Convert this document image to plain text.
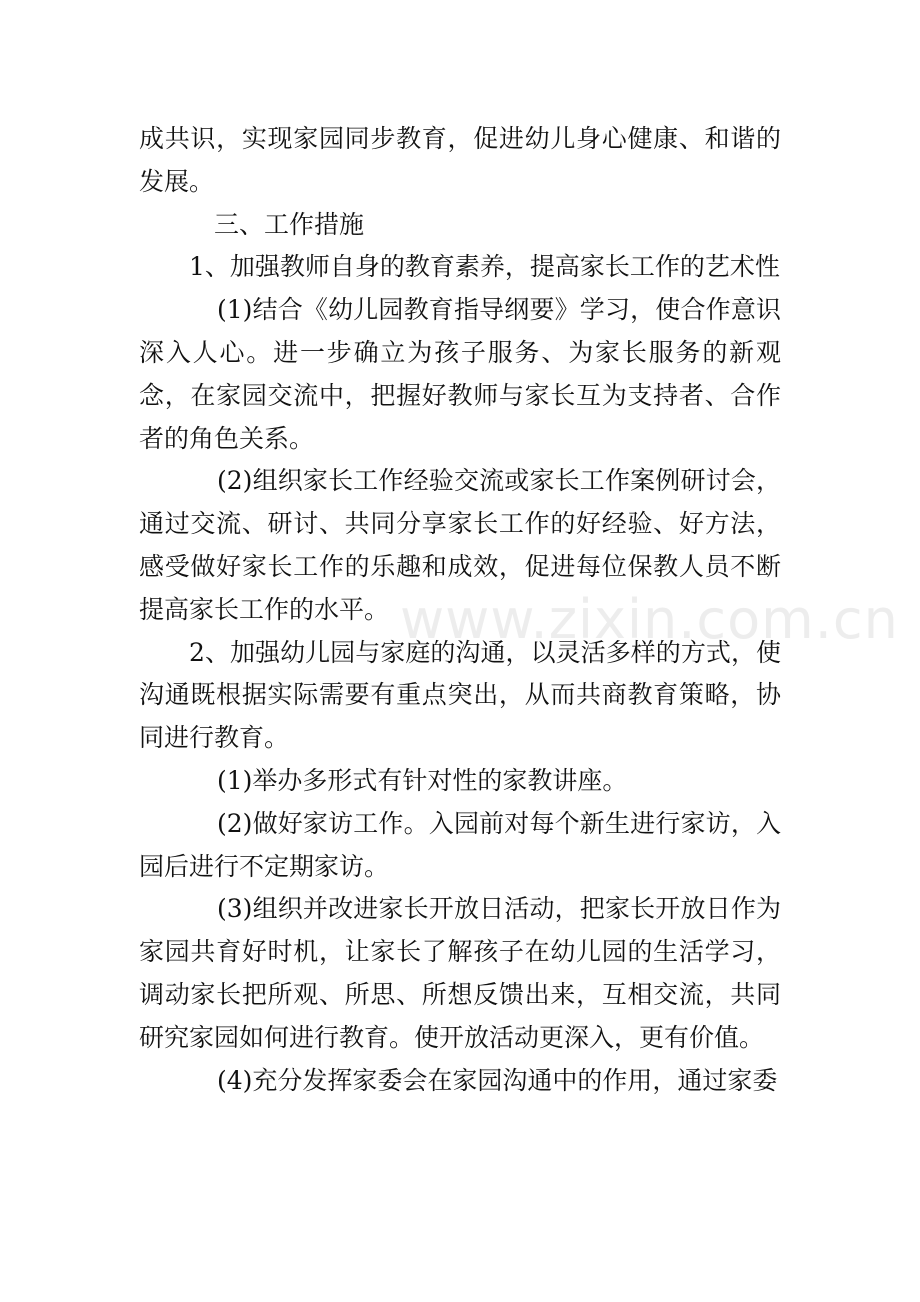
www.zixin.com.cn

成共识，实现家园同步教育，促进幼儿身心健康、和谐的发展。

三、工作措施

1、加强教师自身的教育素养，提高家长工作的艺术性

(1)结合《幼儿园教育指导纲要》学习，使合作意识深入人心。进一步确立为孩子服务、为家长服务的新观念，在家园交流中，把握好教师与家长互为支持者、合作者的角色关系。

(2)组织家长工作经验交流或家长工作案例研讨会，通过交流、研讨、共同分享家长工作的好经验、好方法，感受做好家长工作的乐趣和成效，促进每位保教人员不断提高家长工作的水平。

2、加强幼儿园与家庭的沟通，以灵活多样的方式，使沟通既根据实际需要有重点突出，从而共商教育策略，协同进行教育。

(1)举办多形式有针对性的家教讲座。

(2)做好家访工作。入园前对每个新生进行家访，入园后进行不定期家访。

(3)组织并改进家长开放日活动，把家长开放日作为家园共育好时机，让家长了解孩子在幼儿园的生活学习，调动家长把所观、所思、所想反馈出来，互相交流，共同研究家园如何进行教育。使开放活动更深入，更有价值。

(4)充分发挥家委会在家园沟通中的作用，通过家委
